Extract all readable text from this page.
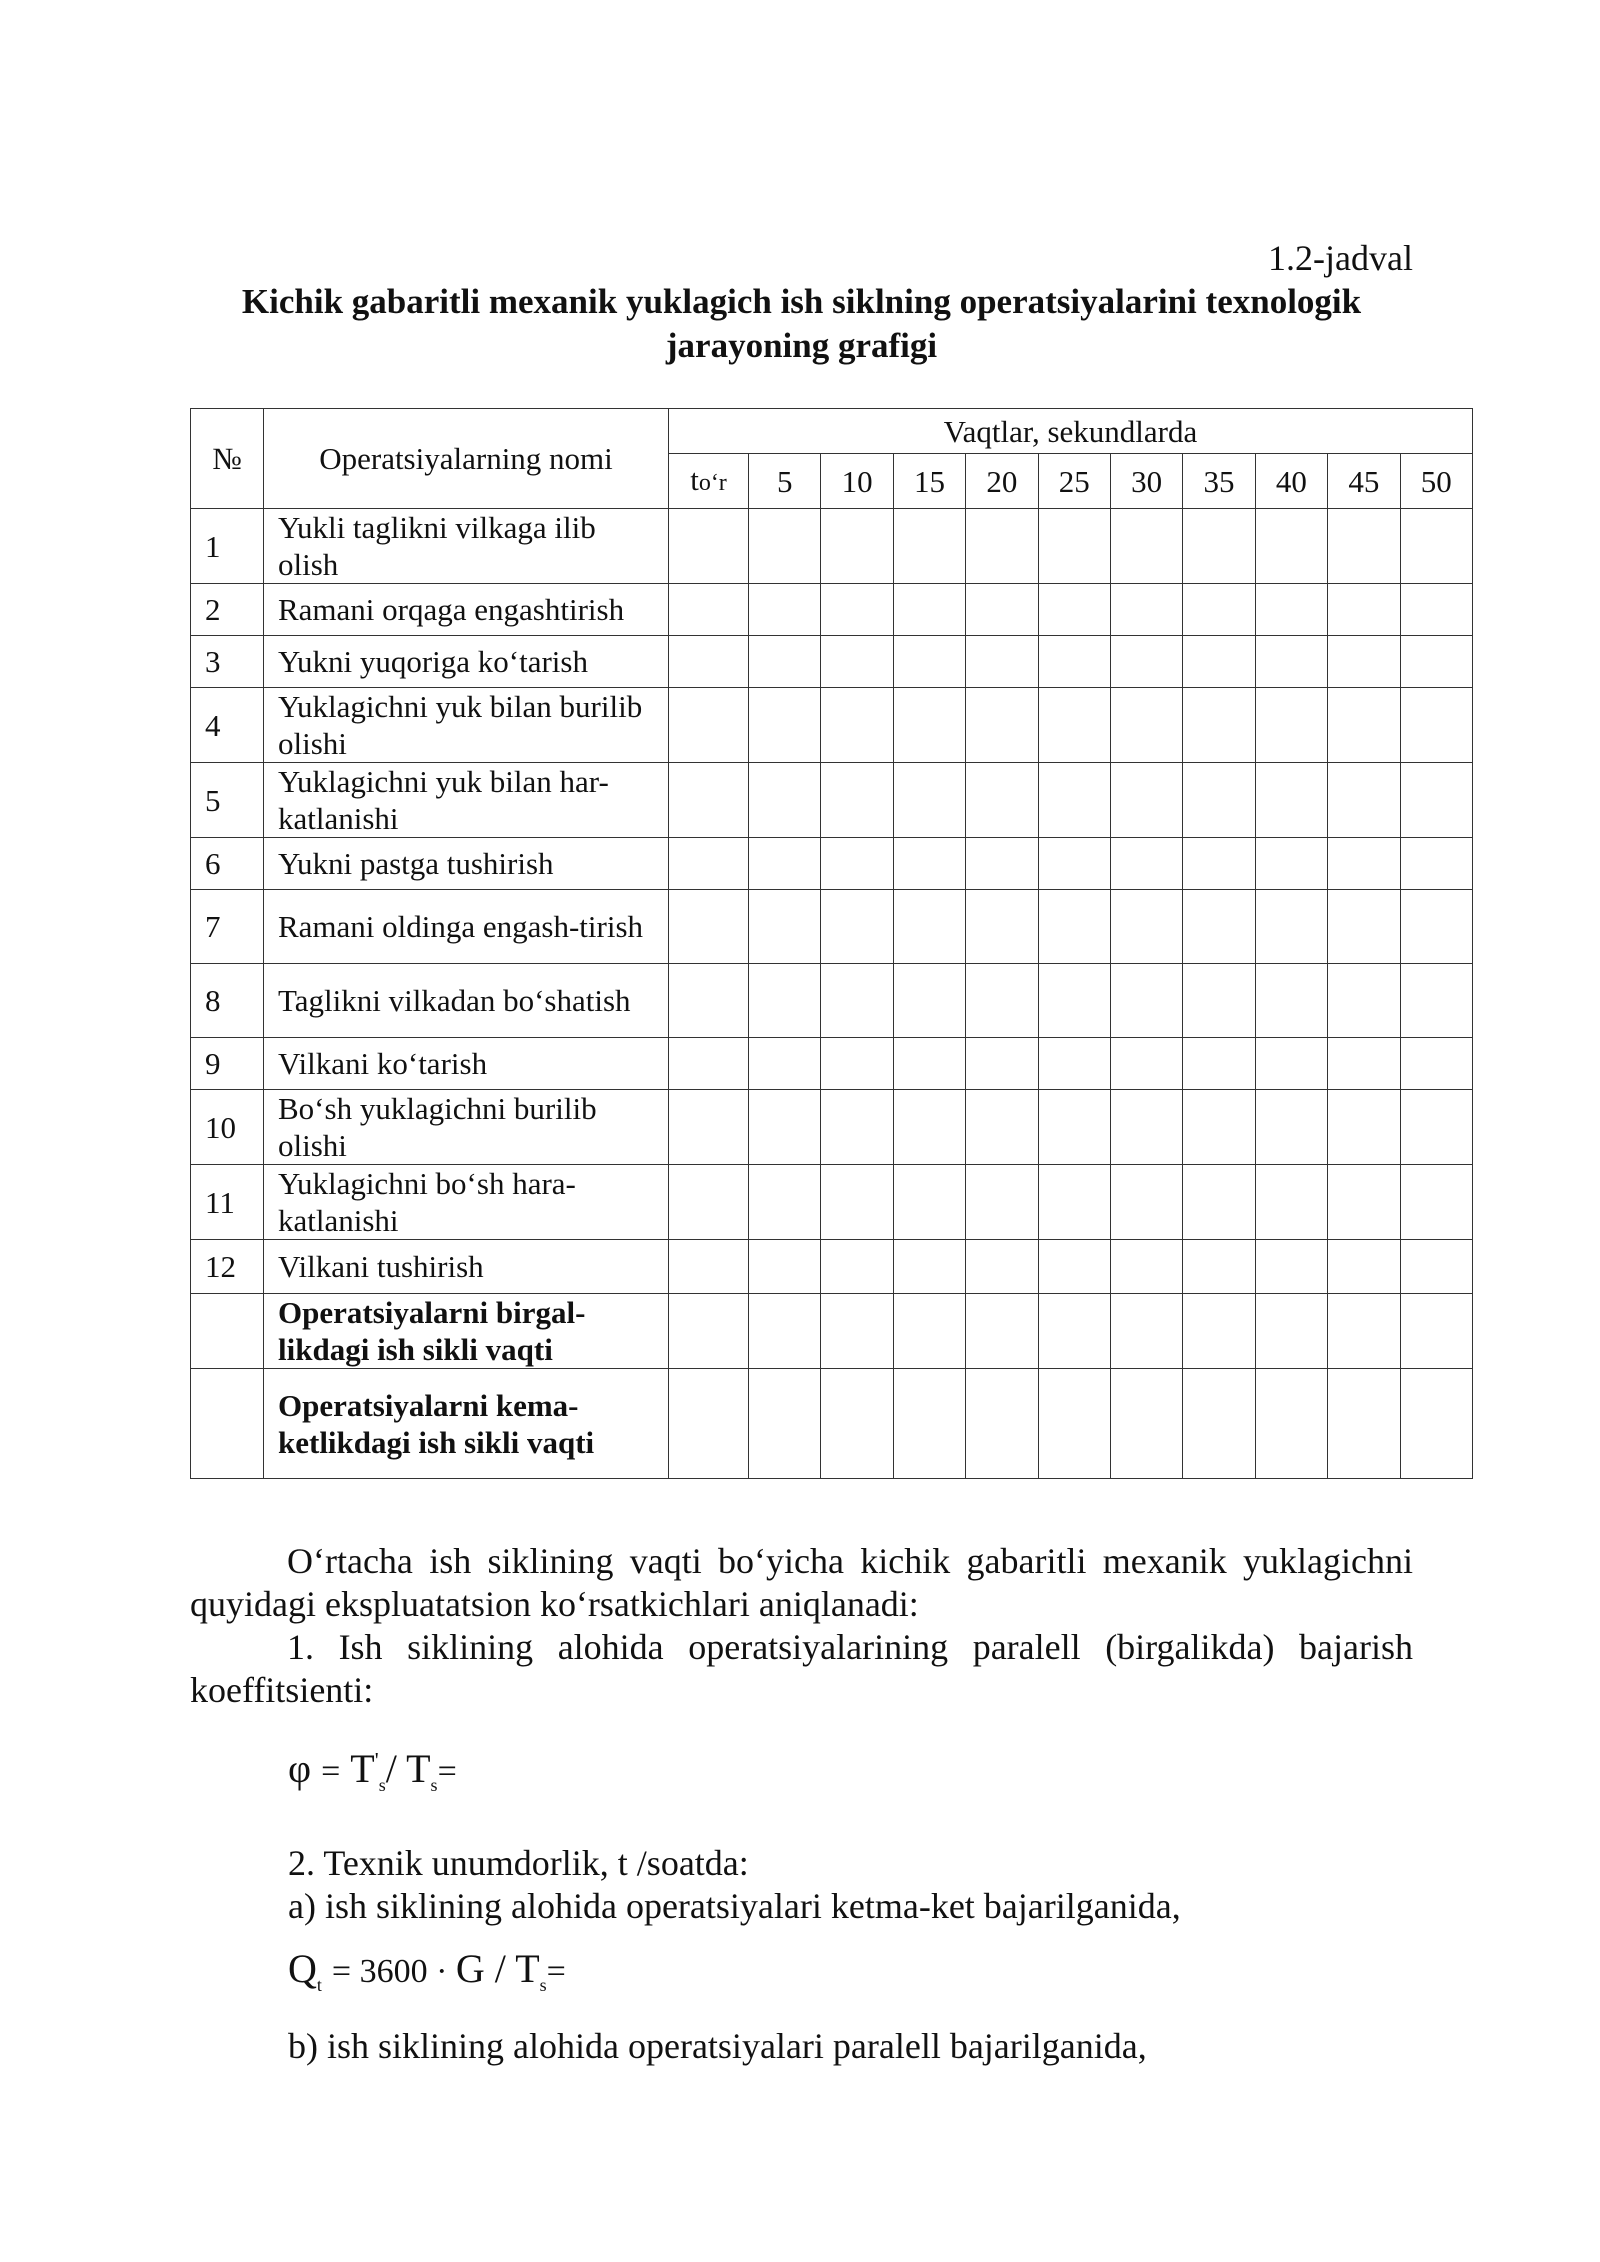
1.2-jadval
Kichik gabaritli mexanik yuklagich ish siklning operatsiyalarini texnologik
jarayoning grafigi
№	Operatsiyalarning nomi	Vaqtlar, sekundlarda										
		to‘r	5	10	15	20	25	30	35	40	45	50
1	Yukli taglikni vilkaga ilib olish											
2	Ramani orqaga engashtirish											
3	Yukni yuqoriga ko‘tarish											
4	Yuklagichni yuk bilan burilib olishi											
5	Yuklagichni yuk bilan har-katlanishi											
6	Yukni pastga tushirish											
7	Ramani oldinga engash-tirish											
8	Taglikni vilkadan bo‘shatish											
9	Vilkani ko‘tarish											
10	Bo‘sh yuklagichni burilib olishi											
11	Yuklagichni bo‘sh hara-katlanishi											
12	Vilkani tushirish											
	Operatsiyalarni birgal-likdagi ish sikli vaqti											
	Operatsiyalarni kema-ketlikdagi ish sikli vaqti											

O‘rtacha ish siklining vaqti bo‘yicha kichik gabaritli mexanik yuklagichni quyidagi ekspluatatsion ko‘rsatkichlari aniqlanadi:

1. Ish siklining alohida operatsiyalarining paralell (birgalikda) bajarish koeffitsienti:

$\varphi = T'_s/$ $T_s=$

2. Texnik unumdorlik, t /soatda:

a) ish siklining alohida operatsiyalari ketma-ket bajarilganida,

$Q_t = 3600 \cdot G / T_s=$

b) ish siklining alohida operatsiyalari paralell bajarilganida,
